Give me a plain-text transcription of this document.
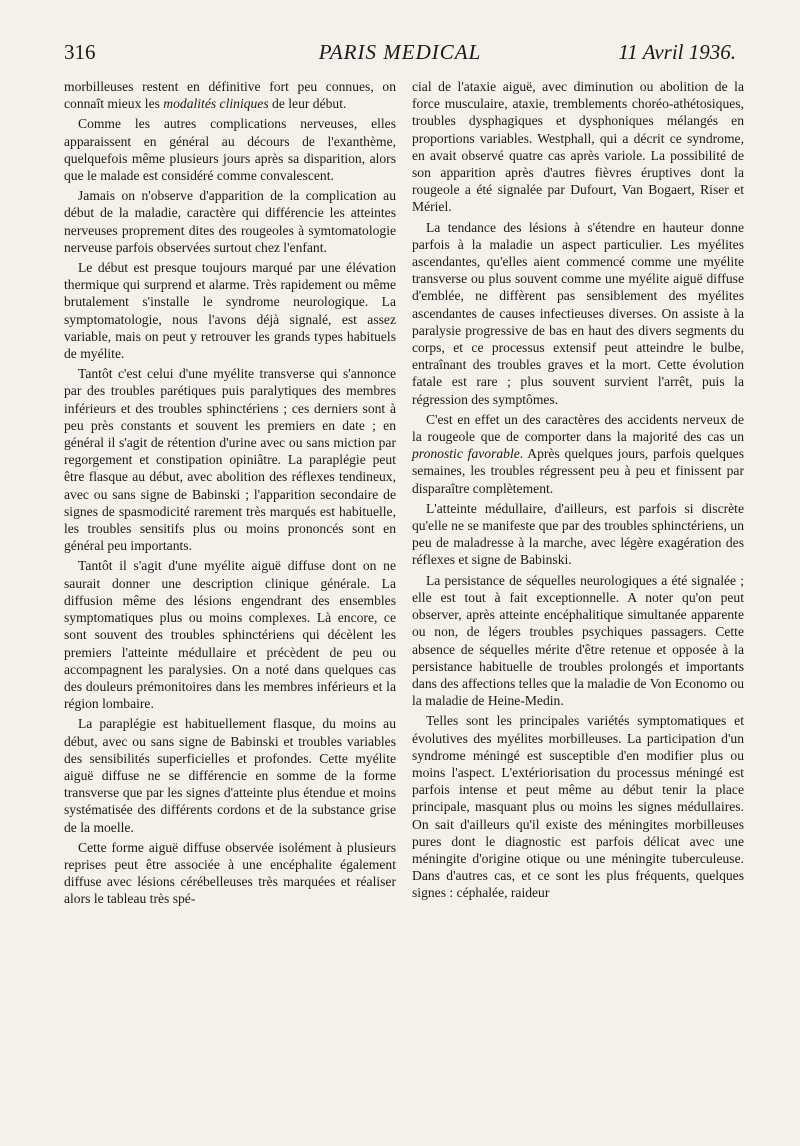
316	PARIS MEDICAL	11 Avril 1936.

morbilleuses restent en définitive fort peu connues, on connaît mieux les modalités cliniques de leur début.

Comme les autres complications nerveuses, elles apparaissent en général au décours de l'exanthème, quelquefois même plusieurs jours après sa disparition, alors que le malade est considéré comme convalescent.

Jamais on n'observe d'apparition de la complication au début de la maladie, caractère qui différencie les atteintes nerveuses proprement dites des rougeoles à symtomatologie nerveuse parfois observées surtout chez l'enfant.

Le début est presque toujours marqué par une élévation thermique qui surprend et alarme. Très rapidement ou même brutalement s'installe le syndrome neurologique. La symptomatologie, nous l'avons déjà signalé, est assez variable, mais on peut y retrouver les grands types habituels de myélite.

Tantôt c'est celui d'une myélite transverse qui s'annonce par des troubles parétiques puis paralytiques des membres inférieurs et des troubles sphinctériens ; ces derniers sont à peu près constants et souvent les premiers en date ; en général il s'agit de rétention d'urine avec ou sans miction par regorgement et constipation opiniâtre. La paraplégie peut être flasque au début, avec abolition des réflexes tendineux, avec ou sans signe de Babinski ; l'apparition secondaire de signes de spasmodicité rarement très marqués est habituelle, les troubles sensitifs plus ou moins prononcés sont en général peu importants.

Tantôt il s'agit d'une myélite aiguë diffuse dont on ne saurait donner une description clinique générale. La diffusion même des lésions engendrant des ensembles symptomatiques plus ou moins complexes. Là encore, ce sont souvent des troubles sphinctériens qui décèlent les premiers l'atteinte médullaire et précèdent de peu ou accompagnent les paralysies. On a noté dans quelques cas des douleurs prémonitoires dans les membres inférieurs et la région lombaire.

La paraplégie est habituellement flasque, du moins au début, avec ou sans signe de Babinski et troubles variables des sensibilités superficielles et profondes. Cette myélite aiguë diffuse ne se différencie en somme de la forme transverse que par les signes d'atteinte plus étendue et moins systématisée des différents cordons et de la substance grise de la moelle.

Cette forme aiguë diffuse observée isolément à plusieurs reprises peut être associée à une encéphalite également diffuse avec lésions cérébelleuses très marquées et réaliser alors le tableau très spé-

cial de l'ataxie aiguë, avec diminution ou abolition de la force musculaire, ataxie, tremblements choréo-athétosiques, troubles dysphagiques et dysphoniques mélangés en proportions variables. Westphall, qui a décrit ce syndrome, en avait observé quatre cas après variole. La possibilité de son apparition après d'autres fièvres éruptives dont la rougeole a été signalée par Dufourt, Van Bogaert, Riser et Mériel.

La tendance des lésions à s'étendre en hauteur donne parfois à la maladie un aspect particulier. Les myélites ascendantes, qu'elles aient commencé comme une myélite transverse ou plus souvent comme une myélite aiguë diffuse d'emblée, ne diffèrent pas sensiblement des myélites ascendantes de causes infectieuses diverses. On assiste à la paralysie progressive de bas en haut des divers segments du corps, et ce processus extensif peut atteindre le bulbe, entraînant des troubles graves et la mort. Cette évolution fatale est rare ; plus souvent survient l'arrêt, puis la régression des symptômes.

C'est en effet un des caractères des accidents nerveux de la rougeole que de comporter dans la majorité des cas un pronostic favorable. Après quelques jours, parfois quelques semaines, les troubles régressent peu à peu et finissent par disparaître complètement.

L'atteinte médullaire, d'ailleurs, est parfois si discrète qu'elle ne se manifeste que par des troubles sphinctériens, un peu de maladresse à la marche, avec légère exagération des réflexes et signe de Babinski.

La persistance de séquelles neurologiques a été signalée ; elle est tout à fait exceptionnelle. A noter qu'on peut observer, après atteinte encéphalitique simultanée apparente ou non, de légers troubles psychiques passagers. Cette absence de séquelles mérite d'être retenue et opposée à la persistance habituelle de troubles prolongés et importants dans des affections telles que la maladie de Von Economo ou la maladie de Heine-Medin.

Telles sont les principales variétés symptomatiques et évolutives des myélites morbilleuses. La participation d'un syndrome méningé est susceptible d'en modifier plus ou moins l'aspect. L'extériorisation du processus méningé est parfois intense et peut même au début tenir la place principale, masquant plus ou moins les signes médullaires. On sait d'ailleurs qu'il existe des méningites morbilleuses pures dont le diagnostic est parfois délicat avec une méningite d'origine otique ou une méningite tuberculeuse. Dans d'autres cas, et ce sont les plus fréquents, quelques signes : céphalée, raideur
